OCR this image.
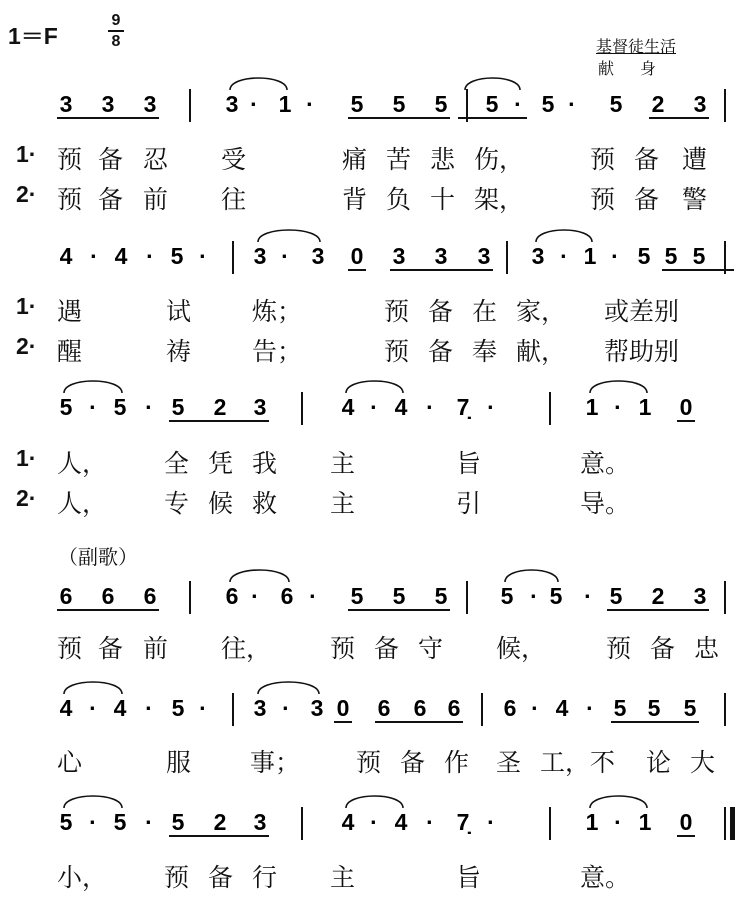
1＝F
9
8	基督徒生活
献身
3 3 3	3 · 1 · 5 5 5 5 · 5 · 5 2 3
4 · 4 · 5 · 3 · 3 0 3 3 3 3 · 1 · 5 5 5
5 · 5 · 5 2 3	4 · 4 · 7̣ ·	1 · 1 0
6 6 6	6 · 6 · 5 5 5 5 · 5 · 5 2 3
4 · 4 · 5 · 3 · 3 0 6 6 6 6 · 4 · 5 5 5
5 · 5 · 5 2 3	4 · 4 · 7̣ ·	1 · 1 0
1· 预 备 忍 受	痛 苦 悲 伤，	预 备 遭
2· 预 备 前 往	背 负 十 架，	预 备 警
1· 遇	试 炼；	预 备 在 家， 或差别
2· 醒	祷 告；	预 备 奉 献， 帮助别
1· 人， 全 凭 我 主	旨	意。
2· 人， 专 候 救 主	引	导。
（副歌）
预 备 前 往， 预 备 守 候， 预 备 忠
心	服 事； 预 备 作 圣 工，不 论 大
小， 预 备 行 主	旨	意。
